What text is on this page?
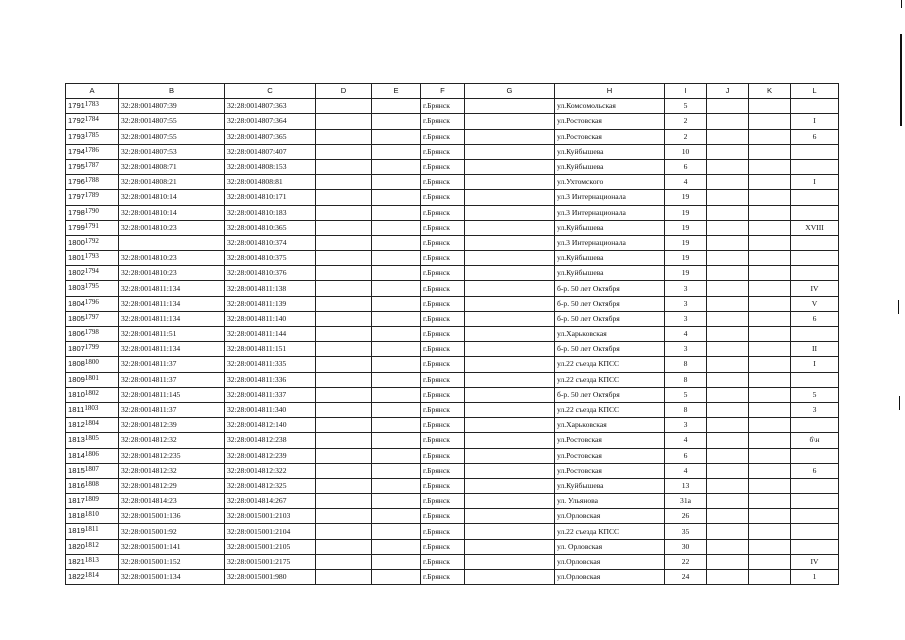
A	B	C	D	E	F	G	H	I	J	K	L
$1791^{1783}$	32:28:0014807:39	32:28:0014807:363			г.Брянск		ул.Комсомольская	5			
$1792^{1784}$	32:28:0014807:55	32:28:0014807:364			г.Брянск		ул.Ростовская	2			I
$1793^{1785}$	32:28:0014807:55	32:28:0014807:365			г.Брянск		ул.Ростовская	2			6
$1794^{1786}$	32:28:0014807:53	32:28:0014807:407			г.Брянск		ул.Куйбышева	10			
$1795^{1787}$	32:28:0014808:71	32:28:0014808:153			г.Брянск		ул.Куйбышева	6			
$1796^{1788}$	32:28:0014808:21	32:28:0014808:81			г.Брянск		ул.Ухтомского	4			I
$1797^{1789}$	32:28:0014810:14	32:28:0014810:171			г.Брянск		ул.3 Интернационала	19			
$1798^{1790}$	32:28:0014810:14	32:28:0014810:183			г.Брянск		ул.3 Интернационала	19			
$1799^{1791}$	32:28:0014810:23	32:28:0014810:365			г.Брянск		ул.Куйбышева	19			XVIII
$1800^{1792}$		32:28:0014810:374			г.Брянск		ул.3 Интернационала	19			
$1801^{1793}$	32:28:0014810:23	32:28:0014810:375			г.Брянск		ул.Куйбышева	19			
$1802^{1794}$	32:28:0014810:23	32:28:0014810:376			г.Брянск		ул.Куйбышева	19			
$1803^{1795}$	32:28:0014811:134	32:28:0014811:138			г.Брянск		б-р. 50 лет Октября	3			IV
$1804^{1796}$	32:28:0014811:134	32:28:0014811:139			г.Брянск		б-р. 50 лет Октября	3			V
$1805^{1797}$	32:28:0014811:134	32:28:0014811:140			г.Брянск		б-р. 50 лет Октября	3			6
$1806^{1798}$	32:28:0014811:51	32:28:0014811:144			г.Брянск		ул.Харьковская	4			
$1807^{1799}$	32:28:0014811:134	32:28:0014811:151			г.Брянск		б-р. 50 лет Октября	3			II
$1808^{1800}$	32:28:0014811:37	32:28:0014811:335			г.Брянск		ул.22 съезда КПСС	8			I
$1809^{1801}$	32:28:0014811:37	32:28:0014811:336			г.Брянск		ул.22 съезда КПСС	8			
$1810^{1802}$	32:28:0014811:145	32:28:0014811:337			г.Брянск		б-р. 50 лет Октября	5			5
$1811^{1803}$	32:28:0014811:37	32:28:0014811:340			г.Брянск		ул.22 съезда КПСС	8			3
$1812^{1804}$	32:28:0014812:39	32:28:0014812:140			г.Брянск		ул.Харьковская	3			
$1813^{1805}$	32:28:0014812:32	32:28:0014812:238			г.Брянск		ул.Ростовская	4			б\н
$1814^{1806}$	32:28:0014812:235	32:28:0014812:239			г.Брянск		ул.Ростовская	6			
$1815^{1807}$	32:28:0014812:32	32:28:0014812:322			г.Брянск		ул.Ростовская	4			6
$1816^{1808}$	32:28:0014812:29	32:28:0014812:325			г.Брянск		ул.Куйбышева	13			
$1817^{1809}$	32:28:0014814:23	32:28:0014814:267			г.Брянск		ул. Ульянова	31а			
$1818^{1810}$	32:28:0015001:136	32:28:0015001:2103			г.Брянск		ул.Орловская	26			
$1819^{1811}$	32:28:0015001:92	32:28:0015001:2104			г.Брянск		ул.22 съезда КПСС	35			
$1820^{1812}$	32:28:0015001:141	32:28:0015001:2105			г.Брянск		ул. Орловская	30			
$1821^{1813}$	32:28:0015001:152	32:28:0015001:2175			г.Брянск		ул.Орловская	22			IV
$1822^{1814}$	32:28:0015001:134	32:28:0015001:980			г.Брянск		ул.Орловская	24			1
